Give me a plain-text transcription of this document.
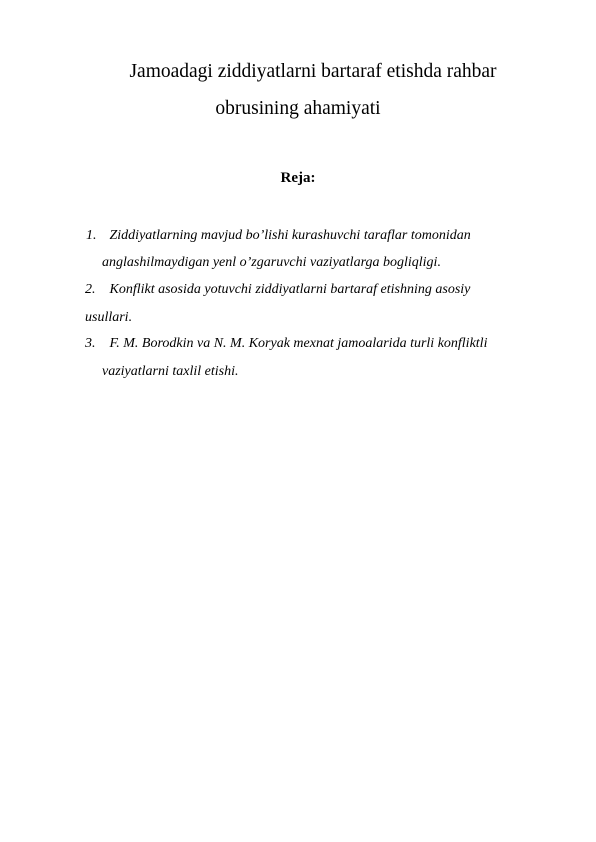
Jamoadagi ziddiyatlarni bartaraf etishda rahbar
obrusining ahamiyati
Reja:
1. Ziddiyatlarning mavjud bo’lishi kurashuvchi taraflar tomonidan
anglashilmaydigan yenl o’zgaruvchi vaziyatlarga bogliqligi.
2. Konflikt asosida yotuvchi ziddiyatlarni bartaraf etishning asosiy
usullari.
3. F. M. Borodkin va N. M. Koryak mexnat jamoalarida turli konfliktli
vaziyatlarni taxlil etishi.
